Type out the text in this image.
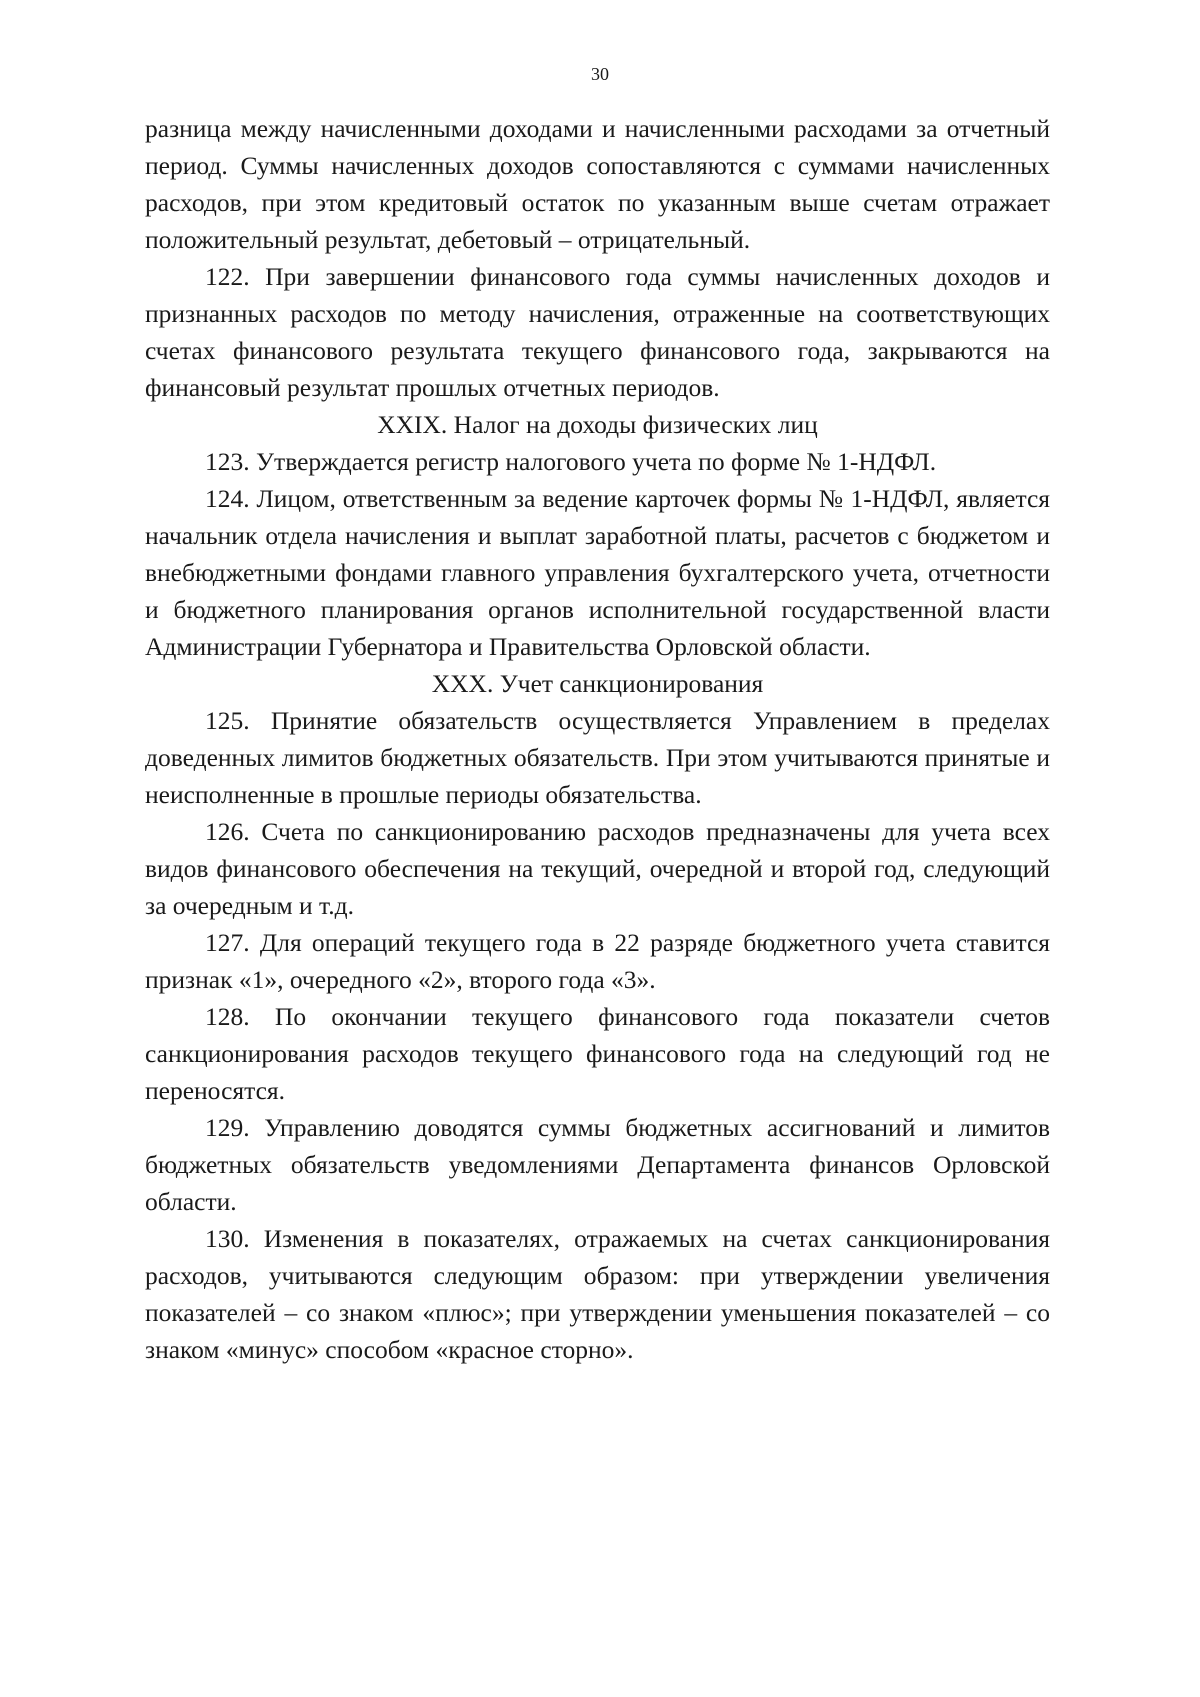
30

разница между начисленными доходами и начисленными расходами за отчетный период. Суммы начисленных доходов сопоставляются с суммами начисленных расходов, при этом кредитовый остаток по указанным выше счетам отражает положительный результат, дебетовый – отрицательный.

122. При завершении финансового года суммы начисленных доходов и признанных расходов по методу начисления, отраженные на соответствующих счетах финансового результата текущего финансового года, закрываются на финансовый результат прошлых отчетных периодов.

XXIX. Налог на доходы физических лиц

123. Утверждается регистр налогового учета по форме № 1-НДФЛ.

124. Лицом, ответственным за ведение карточек формы № 1-НДФЛ, является начальник отдела начисления и выплат заработной платы, расчетов с бюджетом и внебюджетными фондами главного управления бухгалтерского учета, отчетности и бюджетного планирования органов исполнительной государственной власти Администрации Губернатора и Правительства Орловской области.

XXX. Учет санкционирования

125. Принятие обязательств осуществляется Управлением в пределах доведенных лимитов бюджетных обязательств. При этом учитываются принятые и неисполненные в прошлые периоды обязательства.

126. Счета по санкционированию расходов предназначены для учета всех видов финансового обеспечения на текущий, очередной и второй год, следующий за очередным и т.д.

127. Для операций текущего года в 22 разряде бюджетного учета ставится признак «1», очередного «2», второго года «3».

128. По окончании текущего финансового года показатели счетов санкционирования расходов текущего финансового года на следующий год не переносятся.

129. Управлению доводятся суммы бюджетных ассигнований и лимитов бюджетных обязательств уведомлениями Департамента финансов Орловской области.

130. Изменения в показателях, отражаемых на счетах санкционирования расходов, учитываются следующим образом: при утверждении увеличения показателей – со знаком «плюс»; при утверждении уменьшения показателей – со знаком «минус» способом «красное сторно».
